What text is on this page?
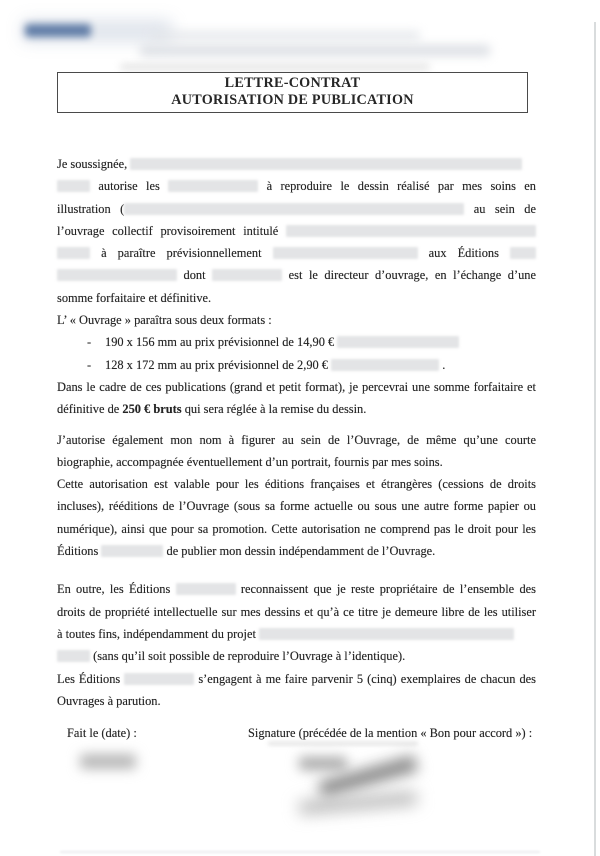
LETTRE-CONTRAT
AUTORISATION DE PUBLICATION
Je soussignée,
autorise les	à reproduire le dessin réalisé par mes soins en
illustration (	au sein de
l’ouvrage collectif provisoirement intitulé
à paraître prévisionnellement	aux Éditions
dont	est le directeur d’ouvrage, en l’échange d’une
somme forfaitaire et définitive.
L’ « Ouvrage » paraîtra sous deux formats :
- 190 x 156 mm au prix prévisionnel de 14,90 €
- 128 x 172 mm au prix prévisionnel de 2,90 €	.
Dans le cadre de ces publications (grand et petit format), je percevrai une somme forfaitaire et
définitive de 250 € bruts qui sera réglée à la remise du dessin.
J’autorise également mon nom à figurer au sein de l’Ouvrage, de même qu’une courte
biographie, accompagnée éventuellement d’un portrait, fournis par mes soins.
Cette autorisation est valable pour les éditions françaises et étrangères (cessions de droits
incluses), rééditions de l’Ouvrage (sous sa forme actuelle ou sous une autre forme papier ou
numérique), ainsi que pour sa promotion. Cette autorisation ne comprend pas le droit pour les
Éditions	de publier mon dessin indépendamment de l’Ouvrage.
En outre, les Éditions	reconnaissent que je reste propriétaire de l’ensemble des
droits de propriété intellectuelle sur mes dessins et qu’à ce titre je demeure libre de les utiliser
à toutes fins, indépendamment du projet
(sans qu’il soit possible de reproduire l’Ouvrage à l’identique).
Les Éditions	s’engagent à me faire parvenir 5 (cinq) exemplaires de chacun des
Ouvrages à parution.
Fait le (date) :	Signature (précédée de la mention « Bon pour accord ») :
